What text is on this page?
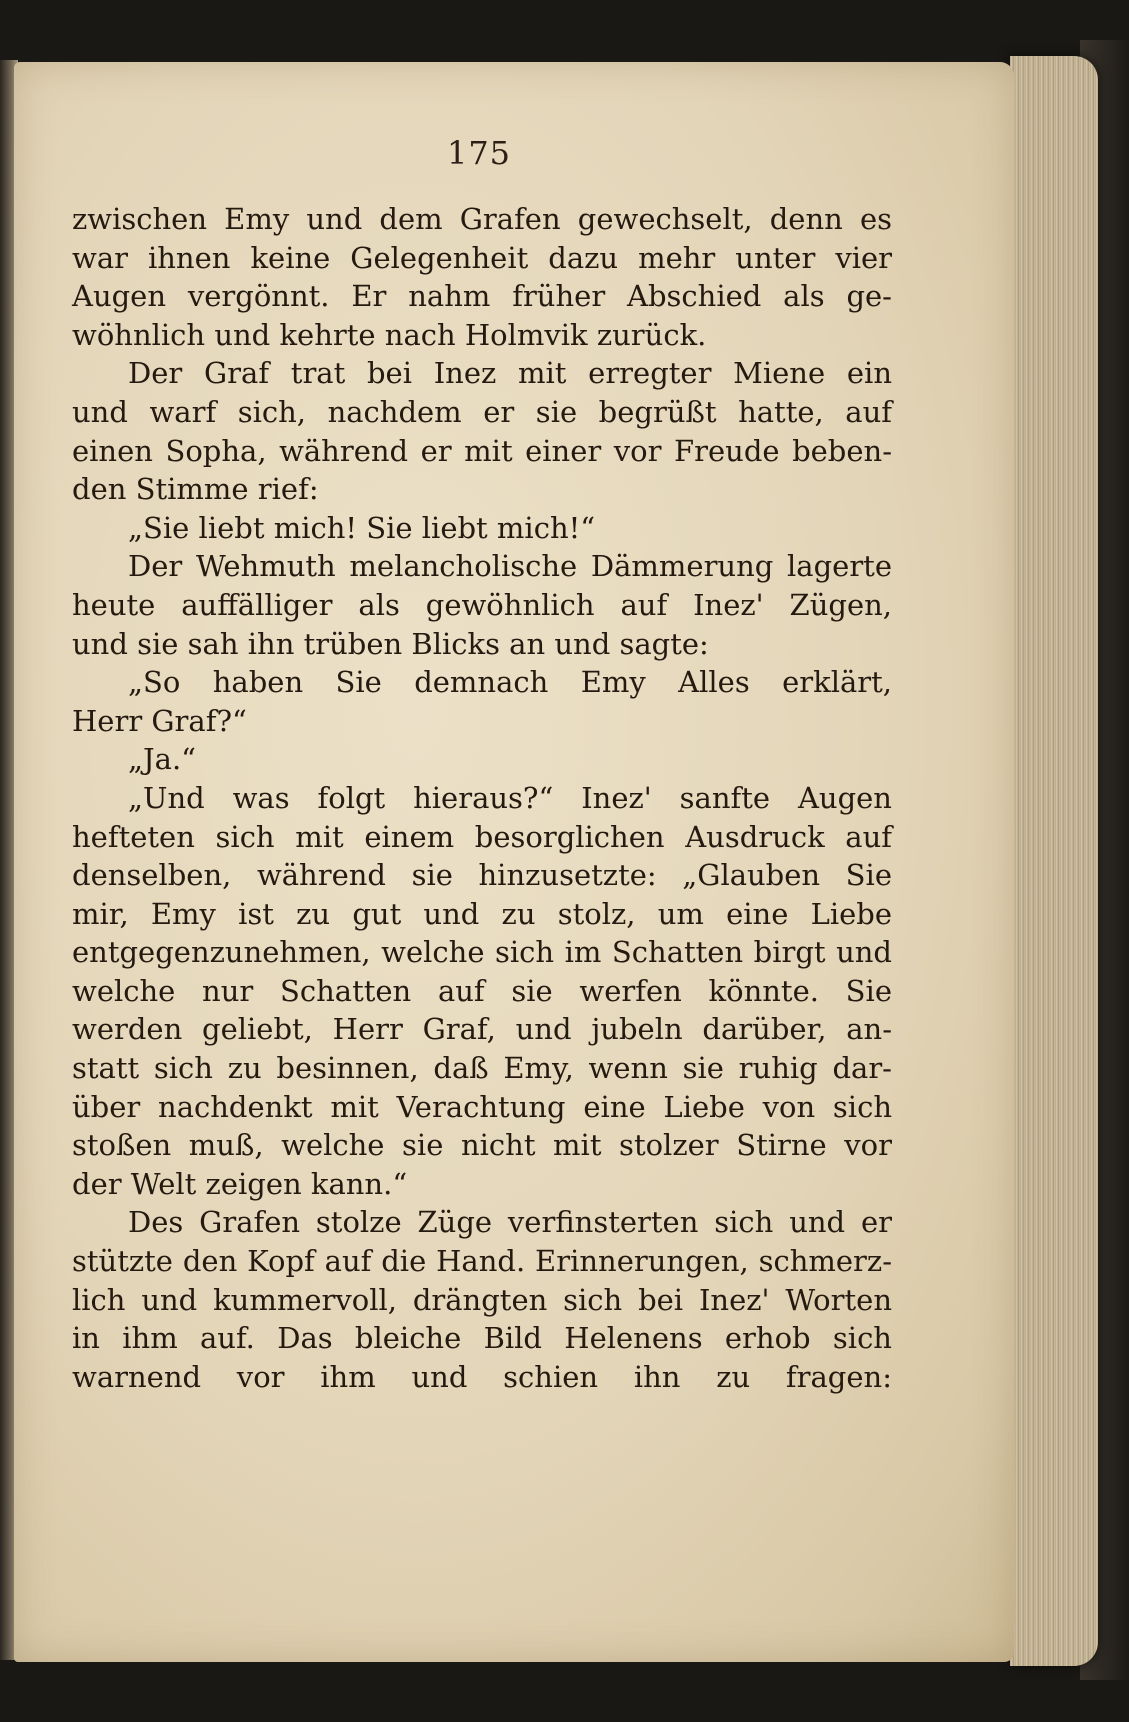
175
zwischen Emy und dem Grafen gewechselt, denn es
war ihnen keine Gelegenheit dazu mehr unter vier
Augen vergönnt. Er nahm früher Abschied als ge-
wöhnlich und kehrte nach Holmvik zurück.
Der Graf trat bei Inez mit erregter Miene ein
und warf sich, nachdem er sie begrüßt hatte, auf
einen Sopha, während er mit einer vor Freude beben-
den Stimme rief:
„Sie liebt mich! Sie liebt mich!“
Der Wehmuth melancholische Dämmerung lagerte
heute auffälliger als gewöhnlich auf Inez' Zügen,
und sie sah ihn trüben Blicks an und sagte:
„So haben Sie demnach Emy Alles erklärt,
Herr Graf?“
„Ja.“
„Und was folgt hieraus?“ Inez' sanfte Augen
hefteten sich mit einem besorglichen Ausdruck auf
denselben, während sie hinzusetzte: „Glauben Sie
mir, Emy ist zu gut und zu stolz, um eine Liebe
entgegenzunehmen, welche sich im Schatten birgt und
welche nur Schatten auf sie werfen könnte. Sie
werden geliebt, Herr Graf, und jubeln darüber, an-
statt sich zu besinnen, daß Emy, wenn sie ruhig dar-
über nachdenkt mit Verachtung eine Liebe von sich
stoßen muß, welche sie nicht mit stolzer Stirne vor
der Welt zeigen kann.“
Des Grafen stolze Züge verfinsterten sich und er
stützte den Kopf auf die Hand. Erinnerungen, schmerz-
lich und kummervoll, drängten sich bei Inez' Worten
in ihm auf. Das bleiche Bild Helenens erhob sich
warnend vor ihm und schien ihn zu fragen:
